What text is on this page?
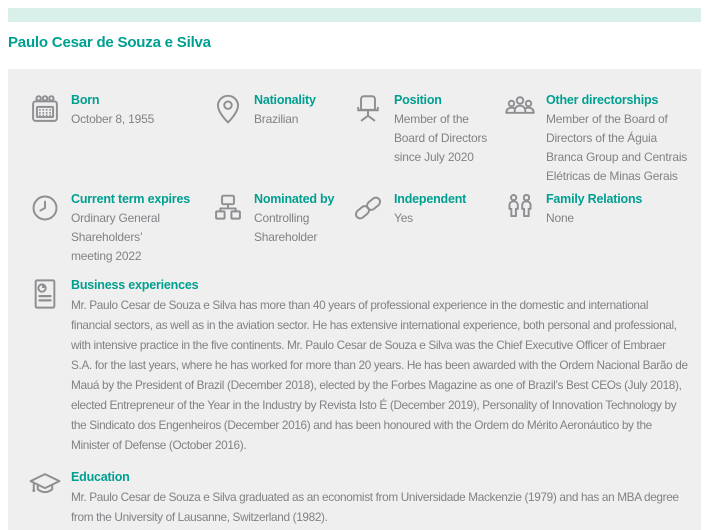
Paulo Cesar de Souza e Silva
Born
October 8, 1955
Nationality
Brazilian
Position
Member of the Board of Directors since July 2020
Other directorships
Member of the Board of Directors of the Águia Branca Group and Centrais Elétricas de Minas Gerais
Current term expires
Ordinary General Shareholders’ meeting 2022
Nominated by
Controlling Shareholder
Independent
Yes
Family Relations
None
Business experiences
Mr. Paulo Cesar de Souza e Silva has more than 40 years of professional experience in the domestic and international financial sectors, as well as in the aviation sector. He has extensive international experience, both personal and professional, with intensive practice in the five continents. Mr. Paulo Cesar de Souza e Silva was the Chief Executive Officer of Embraer S.A. for the last years, where he has worked for more than 20 years. He has been awarded with the Ordem Nacional Barão de Mauá by the President of Brazil (December 2018), elected by the Forbes Magazine as one of Brazil’s Best CEOs (July 2018), elected Entrepreneur of the Year in the Industry by Revista Isto É (December 2019), Personality of Innovation Technology by the Sindicato dos Engenheiros (December 2016) and has been honoured with the Ordem do Mérito Aeronáutico by the Minister of Defense (October 2016).
Education
Mr. Paulo Cesar de Souza e Silva graduated as an economist from Universidade Mackenzie (1979) and has an MBA degree from the University of Lausanne, Switzerland (1982).
